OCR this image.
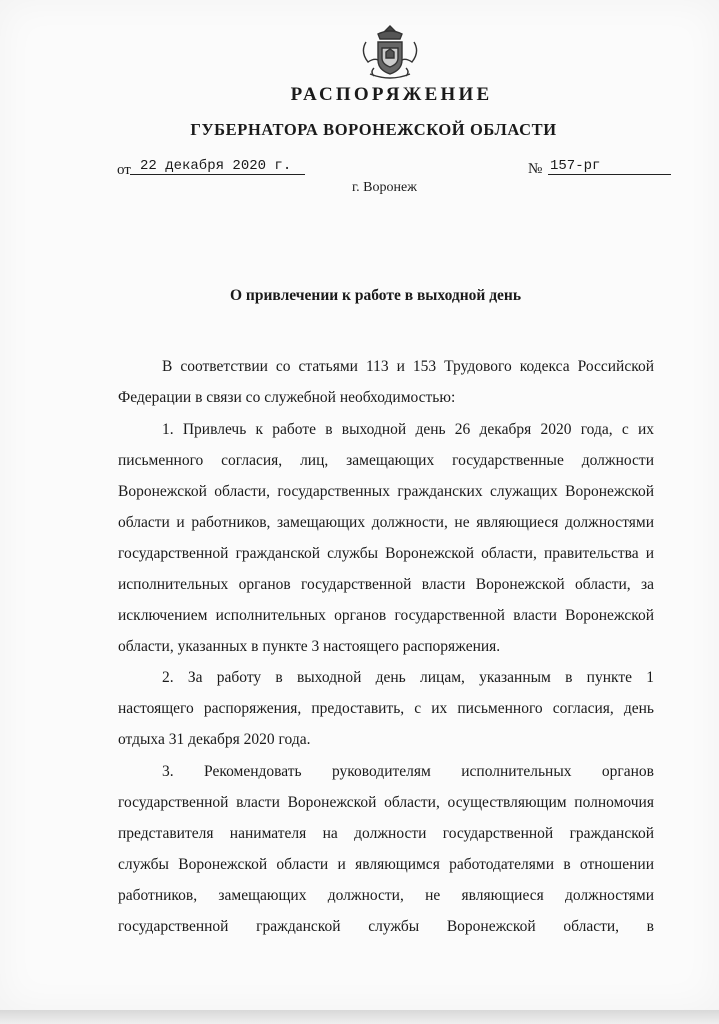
РАСПОРЯЖЕНИЕ
ГУБЕРНАТОРА ВОРОНЕЖСКОЙ ОБЛАСТИ
от 22 декабря 2020 г.	№ 157-рг
г. Воронеж
О привлечении к работе в выходной день
В соответствии со статьями 113 и 153 Трудового кодекса Российской
Федерации в связи со служебной необходимостью:
1. Привлечь к работе в выходной день 26 декабря 2020 года, с их
письменного согласия, лиц, замещающих государственные должности
Воронежской области, государственных гражданских служащих Воронежской
области и работников, замещающих должности, не являющиеся должностями
государственной гражданской службы Воронежской области, правительства и
исполнительных органов государственной власти Воронежской области, за
исключением исполнительных органов государственной власти Воронежской
области, указанных в пункте 3 настоящего распоряжения.
2. За работу в выходной день лицам, указанным в пункте 1
настоящего распоряжения, предоставить, с их письменного согласия, день
отдыха 31 декабря 2020 года.
3. Рекомендовать руководителям исполнительных органов
государственной власти Воронежской области, осуществляющим полномочия
представителя нанимателя на должности государственной гражданской
службы Воронежской области и являющимся работодателями в отношении
работников, замещающих должности, не являющиеся должностями
государственной гражданской службы Воронежской области, в
